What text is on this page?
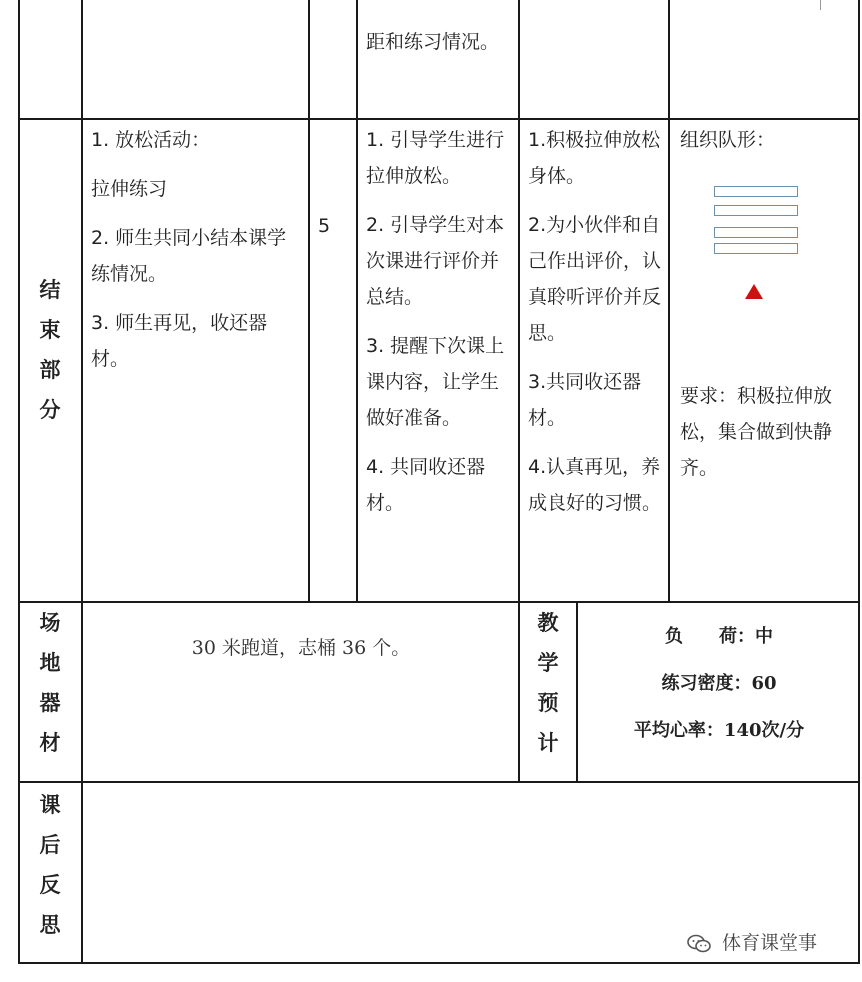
距和练习情况。
结
束
部
分

1. 放松活动：

拉伸练习

2. 师生共同小结本课学练情况。

3. 师生再见，收还器材。

5

1. 引导学生进行拉伸放松。

2. 引导学生对本次课进行评价并总结。

3. 提醒下次课上课内容，让学生做好准备。

4. 共同收还器材。

1.积极拉伸放松身体。

2.为小伙伴和自己作出评价，认真聆听评价并反思。

3.共同收还器材。

4.认真再见，养成良好的习惯。

组织队形：
要求：积极拉伸放松，集合做到快静齐。
场
地
器
材
30 米跑道，志桶 36 个。
教
学
预
计
负　　荷：中
练习密度：60
平均心率：140次/分
课
后
反
思
体育课堂事
